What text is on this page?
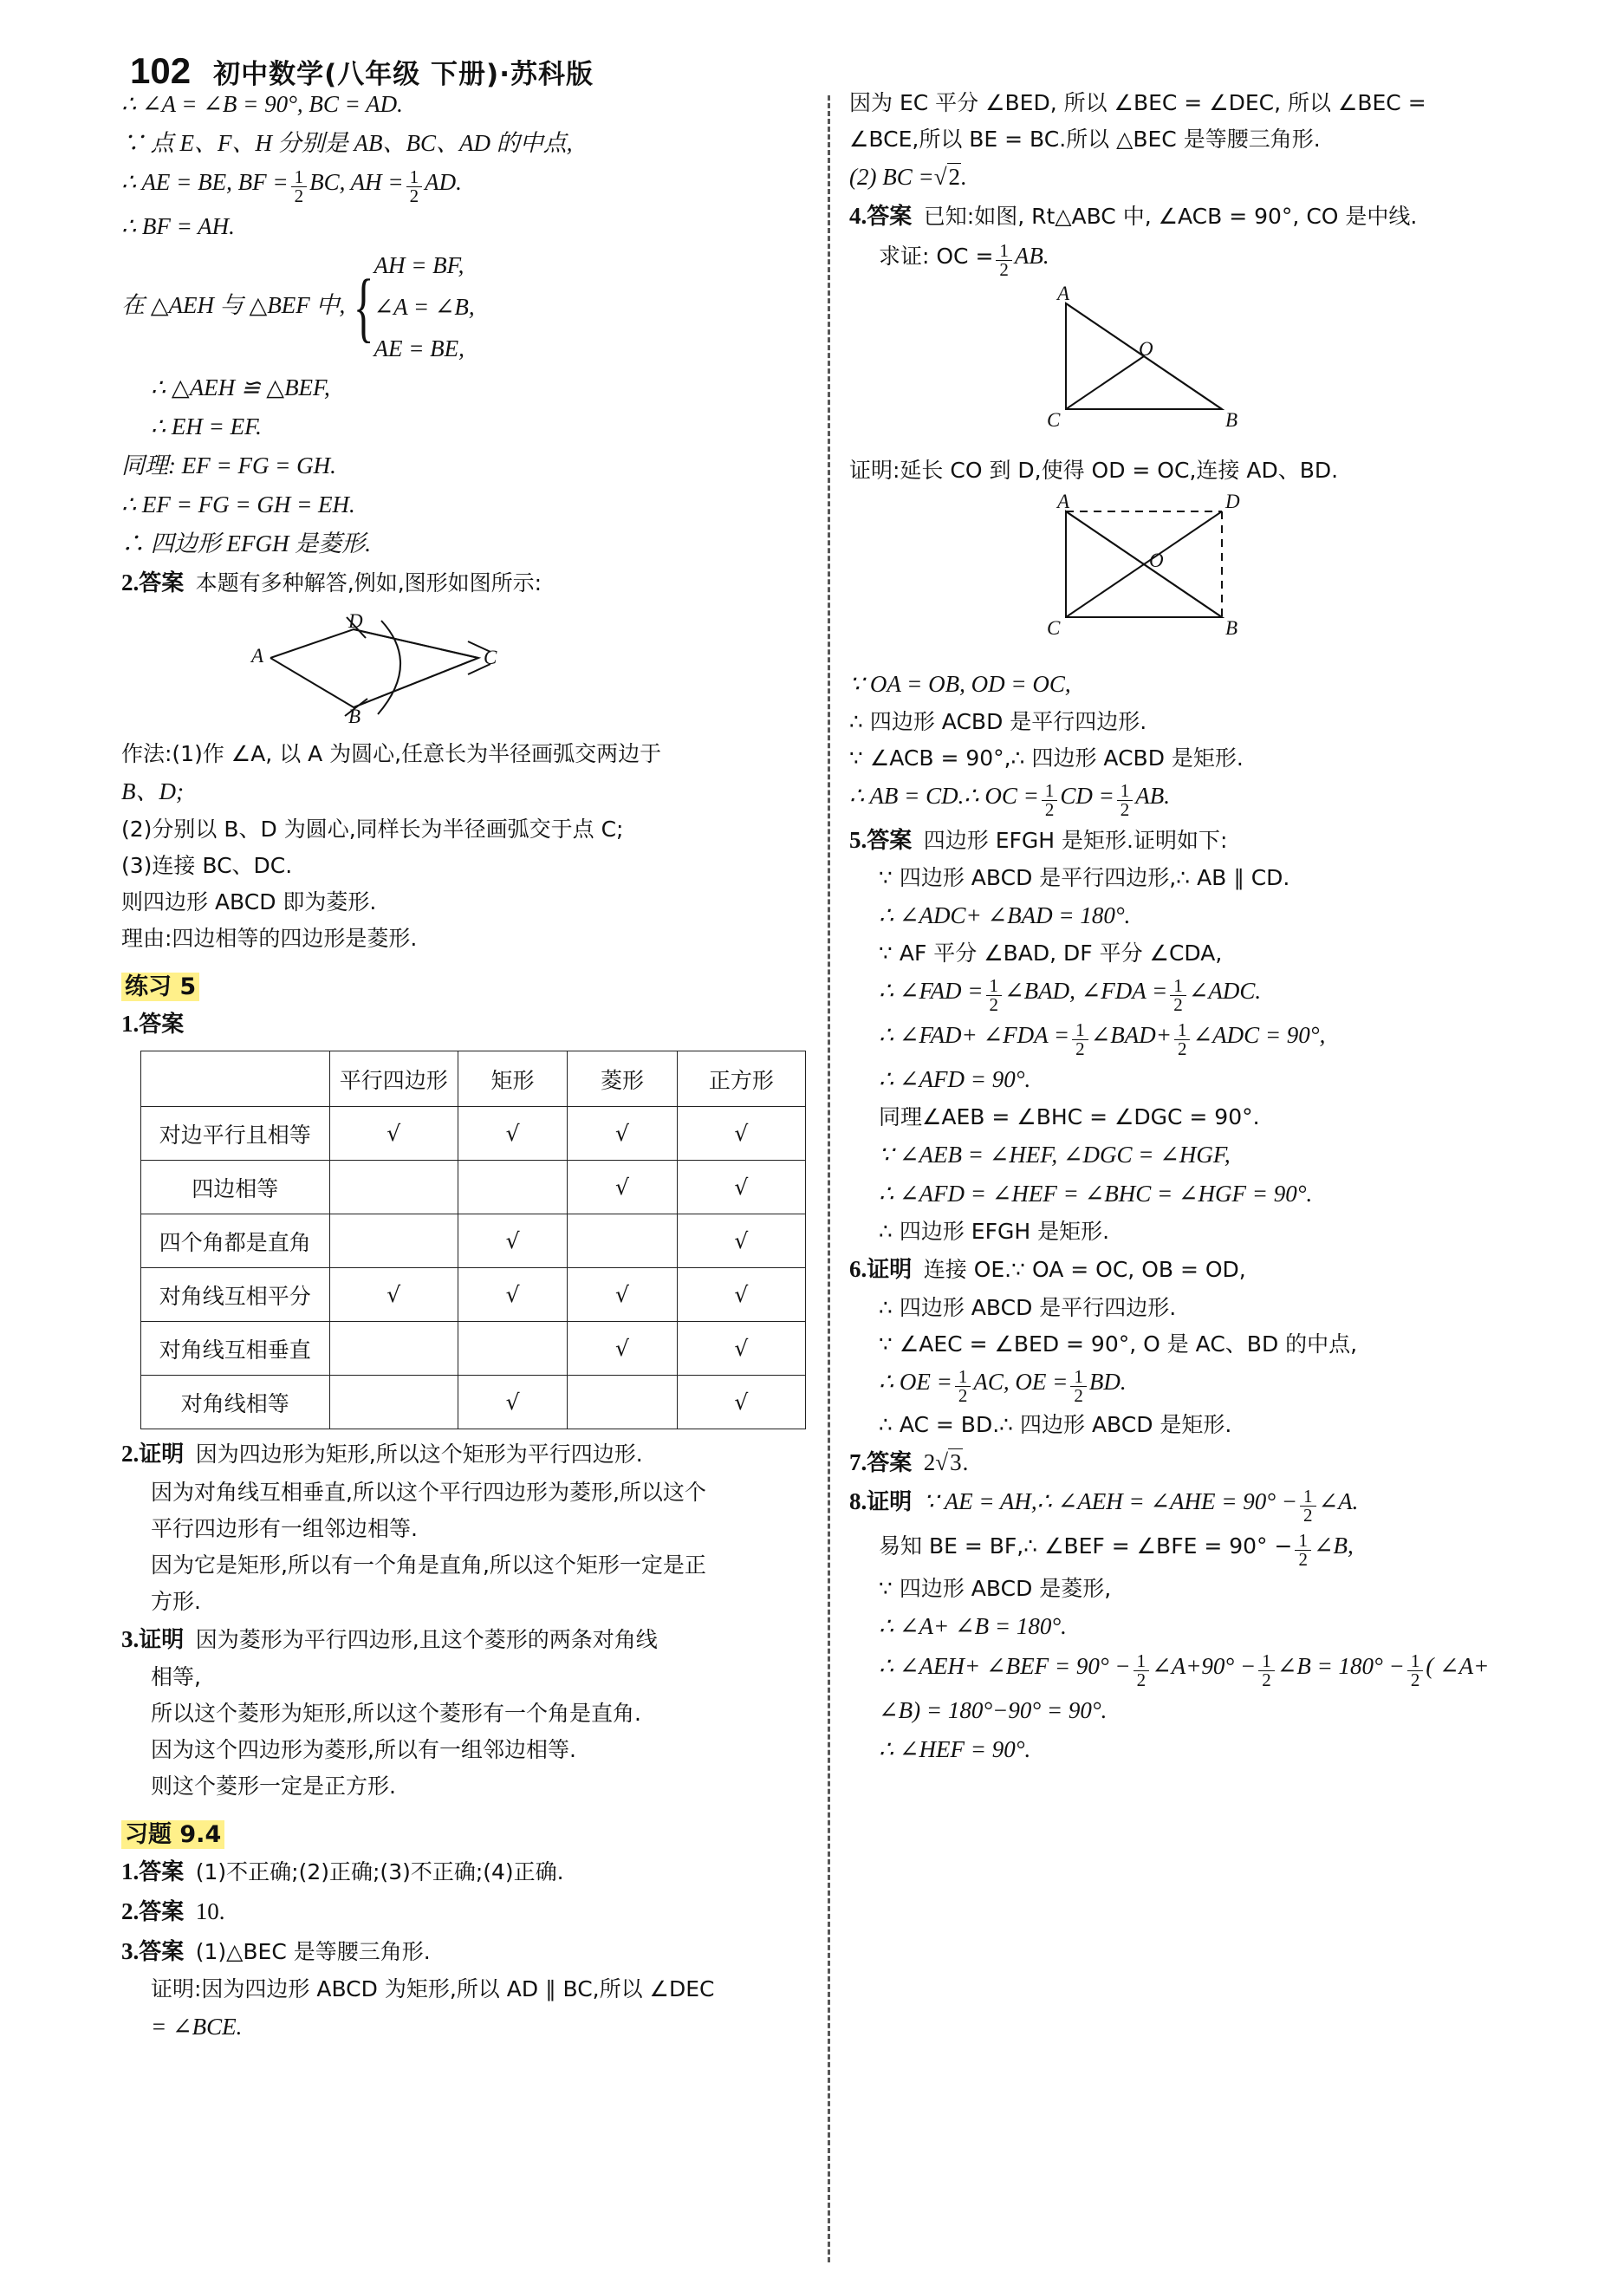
102 初中数学(八年级 下册)·苏科版

∴ ∠A = ∠B = 90°, BC = AD.

∵ 点 E、F、H 分别是 AB、BC、AD 的中点,

∴ AE = BE, BF = $\frac{1}{2}$ BC, AH = $\frac{1}{2}$ AD.

∴ BF = AH.

在 △AEH 与 △BEF 中, { AH = BF,
∠A = ∠B,
AE = BE,

∴ △AEH ≌ △BEF,

∴ EH = EF.

同理: EF = FG = GH.

∴ EF = FG = GH = EH.

∴ 四边形 EFGH 是菱形.

2.答案 本题有多种解答,例如,图形如图所示:

A
D
C
B

作法:(1)作 ∠A, 以 A 为圆心,任意长为半径画弧交两边于

B、D;

(2)分别以 B、D 为圆心,同样长为半径画弧交于点 C;

(3)连接 BC、DC.

则四边形 ABCD 即为菱形.

理由:四边相等的四边形是菱形.

练习 5

1.答案

	平行四边形	矩形	菱形	正方形
对边平行且相等	√	√	√	√
四边相等			√	√
四个角都是直角		√		√
对角线互相平分	√	√	√	√
对角线互相垂直			√	√
对角线相等		√		√

2.证明 因为四边形为矩形,所以这个矩形为平行四边形.

因为对角线互相垂直,所以这个平行四边形为菱形,所以这个

平行四边形有一组邻边相等.

因为它是矩形,所以有一个角是直角,所以这个矩形一定是正

方形.

3.证明 因为菱形为平行四边形,且这个菱形的两条对角线

相等,

所以这个菱形为矩形,所以这个菱形有一个角是直角.

因为这个四边形为菱形,所以有一组邻边相等.

则这个菱形一定是正方形.

习题 9.4

1.答案 (1)不正确;(2)正确;(3)不正确;(4)正确.

2.答案 10.

3.答案 (1)△BEC 是等腰三角形.

证明:因为四边形 ABCD 为矩形,所以 AD ∥ BC,所以 ∠DEC

= ∠BCE.

因为 EC 平分 ∠BED, 所以 ∠BEC = ∠DEC, 所以 ∠BEC =

∠BCE,所以 BE = BC.所以 △BEC 是等腰三角形.

(2) BC =√2.

4.答案 已知:如图, Rt△ABC 中, ∠ACB = 90°, CO 是中线.

求证: OC = $\frac{1}{2}$ AB.

A
C	B
O

证明:延长 CO 到 D,使得 OD = OC,连接 AD、BD.

A	D
C	B
O

∵ OA = OB, OD = OC,

∴ 四边形 ACBD 是平行四边形.

∵ ∠ACB = 90°,∴ 四边形 ACBD 是矩形.

∴ AB = CD.∴ OC = $\frac{1}{2}$ CD = $\frac{1}{2}$ AB.

5.答案 四边形 EFGH 是矩形.证明如下:

∵ 四边形 ABCD 是平行四边形,∴ AB ∥ CD.

∴ ∠ADC+ ∠BAD = 180°.

∵ AF 平分 ∠BAD, DF 平分 ∠CDA,

∴ ∠FAD = $\frac{1}{2}$ ∠BAD, ∠FDA = $\frac{1}{2}$ ∠ADC.

∴ ∠FAD+ ∠FDA = $\frac{1}{2}$ ∠BAD+ $\frac{1}{2}$ ∠ADC = 90°,

∴ ∠AFD = 90°.

同理∠AEB = ∠BHC = ∠DGC = 90°.

∵ ∠AEB = ∠HEF, ∠DGC = ∠HGF,

∴ ∠AFD = ∠HEF = ∠BHC = ∠HGF = 90°.

∴ 四边形 EFGH 是矩形.

6.证明 连接 OE.∵ OA = OC, OB = OD,

∴ 四边形 ABCD 是平行四边形.

∵ ∠AEC = ∠BED = 90°, O 是 AC、BD 的中点,

∴ OE = $\frac{1}{2}$ AC, OE = $\frac{1}{2}$ BD.

∴ AC = BD.∴ 四边形 ABCD 是矩形.

7.答案 2√3.

8.证明 ∵ AE = AH,∴ ∠AEH = ∠AHE = $90^\circ - \frac{1}{2}$ ∠A.

易知 BE = BF,∴ ∠BEF = ∠BFE = $90^\circ - \frac{1}{2}$ ∠B,

∵ 四边形 ABCD 是菱形,

∴ ∠A+ ∠B = 180°.

∴ ∠AEH+ ∠BEF = $90^\circ - \frac{1}{2}$ ∠A+90° − $\frac{1}{2}$ ∠B = $180^\circ - \frac{1}{2}$ ( ∠A+

∠B) = 180°−90° = 90°.

∴ ∠HEF = 90°.
